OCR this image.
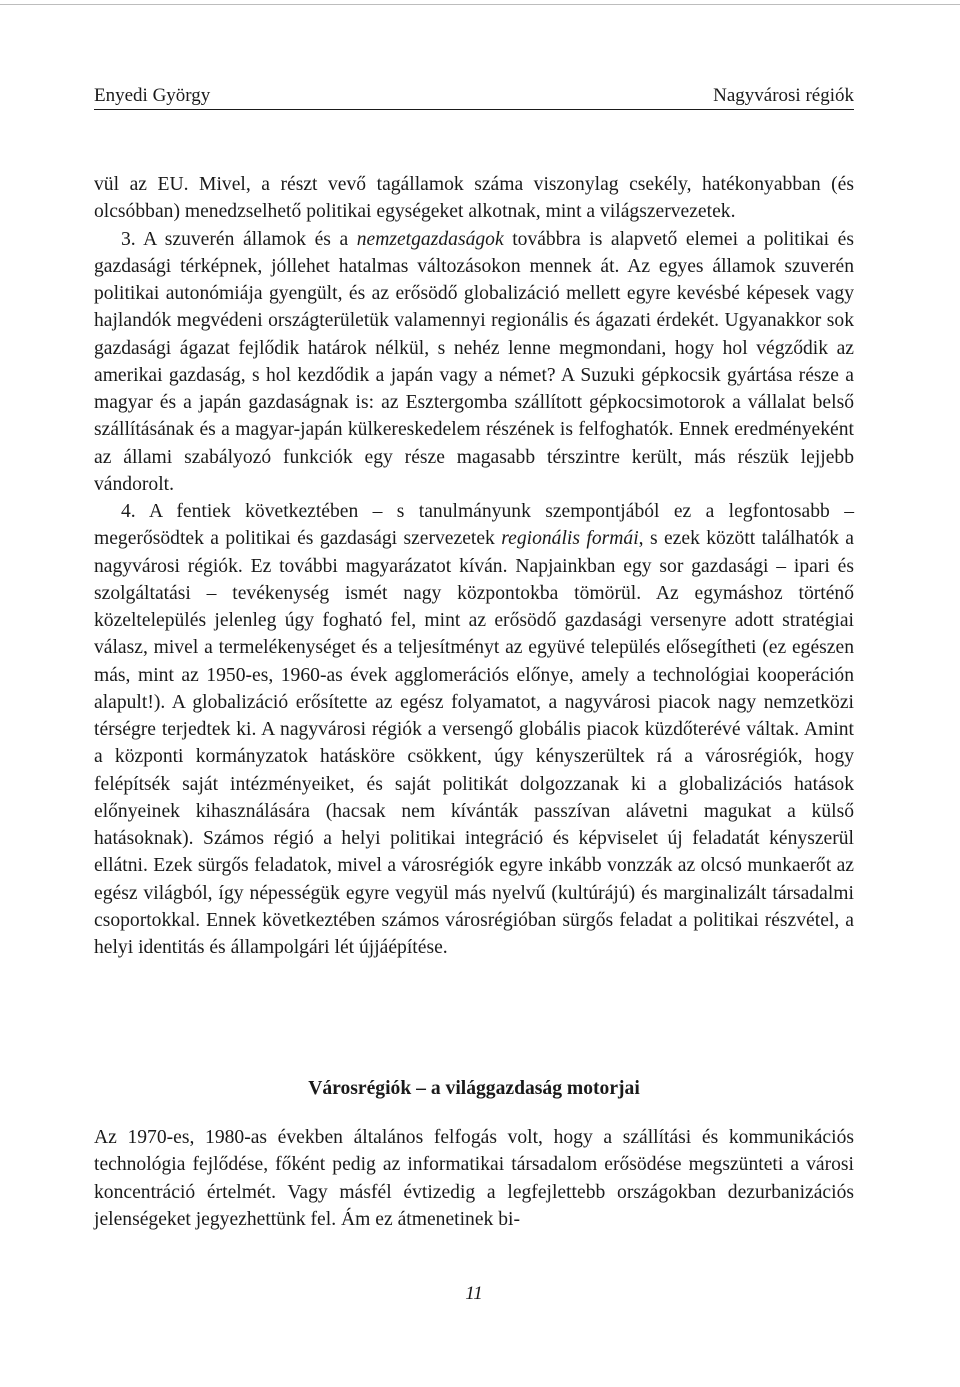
Enyedi György	Nagyvárosi régiók

vül az EU. Mivel, a részt vevő tagállamok száma viszonylag csekély, hatékonyabban (és olcsóbban) menedzselhető politikai egységeket alkotnak, mint a világszervezetek.

3. A szuverén államok és a nemzetgazdaságok továbbra is alapvető elemei a politikai és gazdasági térképnek, jóllehet hatalmas változásokon mennek át. Az egyes államok szuverén politikai autonómiája gyengült, és az erősödő globalizáció mellett egyre kevésbé képesek vagy hajlandók megvédeni országterületük valamennyi regionális és ágazati érdekét. Ugyanakkor sok gazdasági ágazat fejlődik határok nélkül, s nehéz lenne megmondani, hogy hol végződik az amerikai gazdaság, s hol kezdődik a japán vagy a német? A Suzuki gépkocsik gyártása része a magyar és a japán gazdaságnak is: az Esztergomba szállított gépkocsimotorok a vállalat belső szállításának és a magyar-japán külkereskedelem részének is felfoghatók. Ennek eredményeként az állami szabályozó funkciók egy része magasabb térszintre került, más részük lejjebb vándorolt.

4. A fentiek következtében – s tanulmányunk szempontjából ez a legfontosabb – megerősödtek a politikai és gazdasági szervezetek regionális formái, s ezek között találhatók a nagyvárosi régiók. Ez további magyarázatot kíván. Napjainkban egy sor gazdasági – ipari és szolgáltatási – tevékenység ismét nagy központokba tömörül. Az egymáshoz történő közeltelepülés jelenleg úgy fogható fel, mint az erősödő gazdasági versenyre adott stratégiai válasz, mivel a termelékenységet és a teljesítményt az együvé település elősegítheti (ez egészen más, mint az 1950-es, 1960-as évek agglomerációs előnye, amely a technológiai kooperáción alapult!). A globalizáció erősítette az egész folyamatot, a nagyvárosi piacok nagy nemzetközi térségre terjedtek ki. A nagyvárosi régiók a versengő globális piacok küzdőterévé váltak. Amint a központi kormányzatok hatásköre csökkent, úgy kényszerültek rá a városrégiók, hogy felépítsék saját intézményeiket, és saját politikát dolgozzanak ki a globalizációs hatások előnyeinek kihasználására (hacsak nem kívánták passzívan alávetni magukat a külső hatásoknak). Számos régió a helyi politikai integráció és képviselet új feladatát kényszerül ellátni. Ezek sürgős feladatok, mivel a városrégiók egyre inkább vonzzák az olcsó munkaerőt az egész világból, így népességük egyre vegyül más nyelvű (kultúrájú) és marginalizált társadalmi csoportokkal. Ennek következtében számos városrégióban sürgős feladat a politikai részvétel, a helyi identitás és állampolgári lét újjáépítése.

Városrégiók – a világgazdaság motorjai

Az 1970-es, 1980-as években általános felfogás volt, hogy a szállítási és kommunikációs technológia fejlődése, főként pedig az informatikai társadalom erősödése megszünteti a városi koncentráció értelmét. Vagy másfél évtizedig a legfejlettebb országokban dezurbanizációs jelenségeket jegyezhettünk fel. Ám ez átmenetinek bi-

11
